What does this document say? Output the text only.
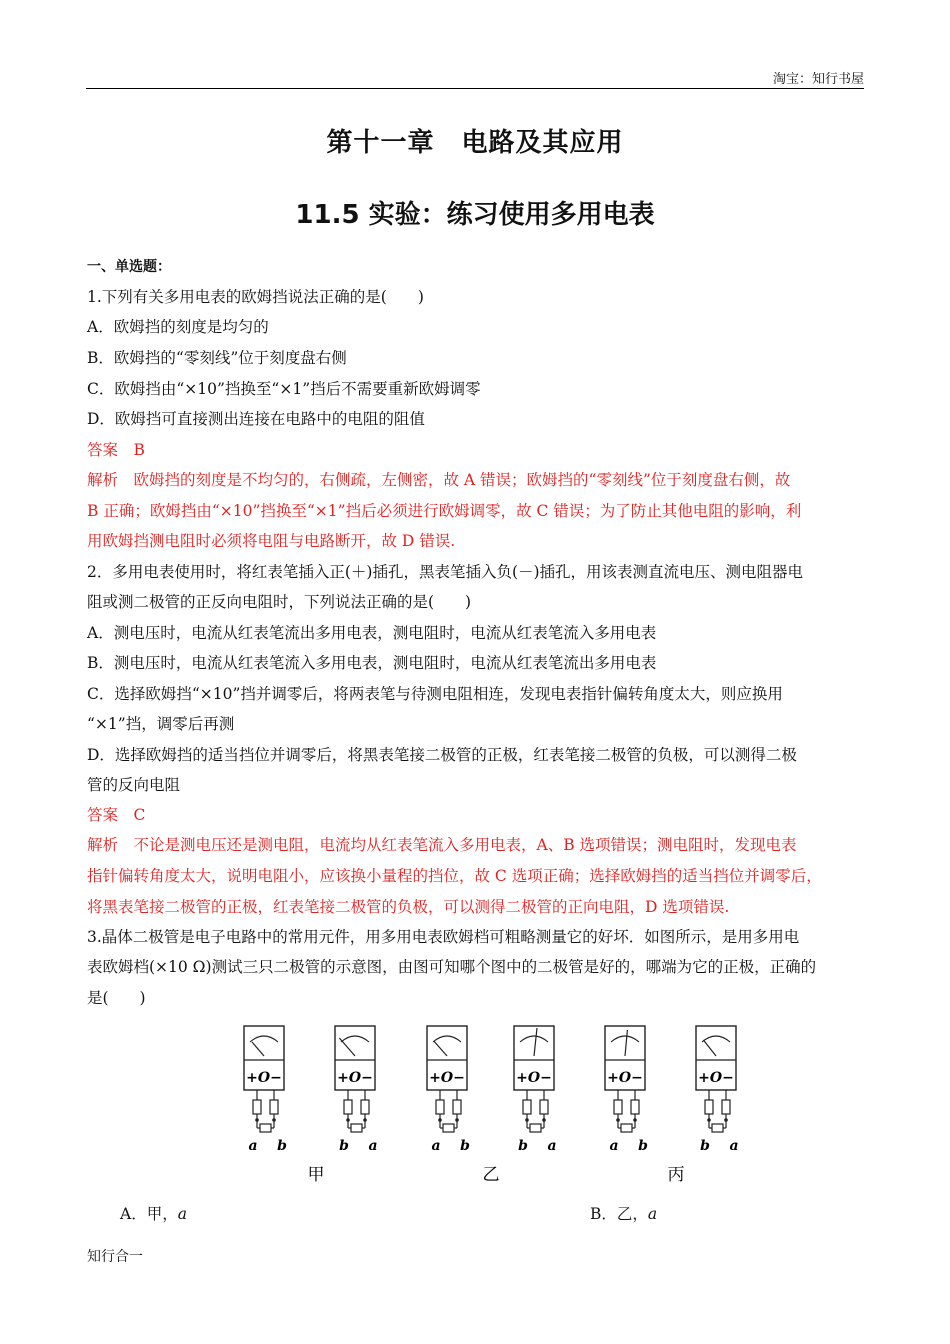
淘宝：知行书屋
第十一章　电路及其应用
11.5 实验：练习使用多用电表
一、单选题：
1.下列有关多用电表的欧姆挡说法正确的是(　　)
A．欧姆挡的刻度是均匀的
B．欧姆挡的“零刻线”位于刻度盘右侧
C．欧姆挡由“×10”挡换至“×1”挡后不需要重新欧姆调零
D．欧姆挡可直接测出连接在电路中的电阻的阻值
答案　B
解析　欧姆挡的刻度是不均匀的，右侧疏，左侧密，故 A 错误；欧姆挡的“零刻线”位于刻度盘右侧，故
B 正确；欧姆挡由“×10”挡换至“×1”挡后必须进行欧姆调零，故 C 错误；为了防止其他电阻的影响，利
用欧姆挡测电阻时必须将电阻与电路断开，故 D 错误.
2．多用电表使用时，将红表笔插入正(＋)插孔，黑表笔插入负(－)插孔，用该表测直流电压、测电阻器电
阻或测二极管的正反向电阻时，下列说法正确的是(　　)
A．测电压时，电流从红表笔流出多用电表，测电阻时，电流从红表笔流入多用电表
B．测电压时，电流从红表笔流入多用电表，测电阻时，电流从红表笔流出多用电表
C．选择欧姆挡“×10”挡并调零后，将两表笔与待测电阻相连，发现电表指针偏转角度太大，则应换用
“×1”挡，调零后再测
D．选择欧姆挡的适当挡位并调零后，将黑表笔接二极管的正极，红表笔接二极管的负极，可以测得二极
管的反向电阻
答案　C
解析　不论是测电压还是测电阻，电流均从红表笔流入多用电表，A、B 选项错误；测电阻时，发现电表
指针偏转角度太大，说明电阻小，应该换小量程的挡位，故 C 选项正确；选择欧姆挡的适当挡位并调零后，
将黑表笔接二极管的正极，红表笔接二极管的负极，可以测得二极管的正向电阻，D 选项错误.
3.晶体二极管是电子电路中的常用元件，用多用电表欧姆档可粗略测量它的好坏．如图所示，是用多用电
表欧姆档(×10 Ω)测试三只二极管的示意图，由图可知哪个图中的二极管是好的，哪端为它的正极，正确的
是(　　)
+O−
a b
+O−
b a
+O−
a b
+O−
b a
+O−
a b
+O−
b a
甲	乙	丙
A．甲，a	B．乙，a
知行合一
